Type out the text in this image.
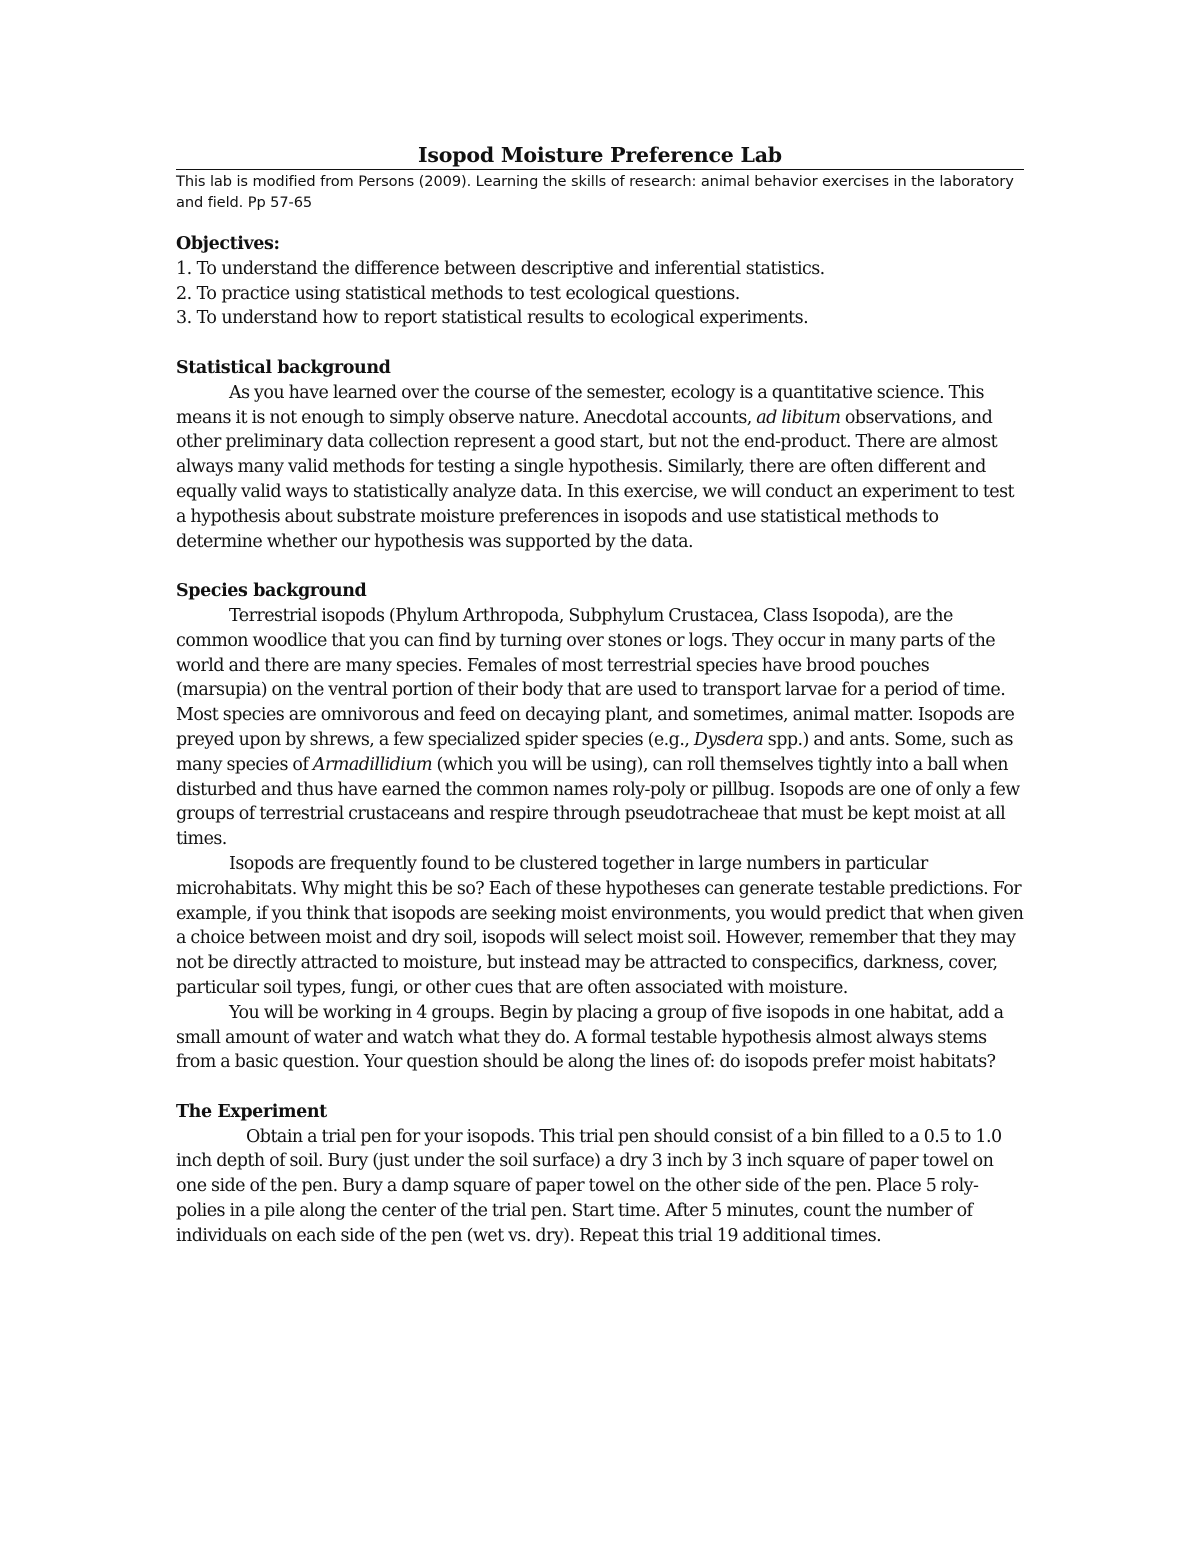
Isopod Moisture Preference Lab

This lab is modified from Persons (2009). Learning the skills of research: animal behavior exercises in the laboratory and field. Pp 57-65

Objectives:

1. To understand the difference between descriptive and inferential statistics.

2. To practice using statistical methods to test ecological questions.

3. To understand how to report statistical results to ecological experiments.

Statistical background

As you have learned over the course of the semester, ecology is a quantitative science. This means it is not enough to simply observe nature. Anecdotal accounts, ad libitum observations, and other preliminary data collection represent a good start, but not the end-product. There are almost always many valid methods for testing a single hypothesis. Similarly, there are often different and equally valid ways to statistically analyze data. In this exercise, we will conduct an experiment to test a hypothesis about substrate moisture preferences in isopods and use statistical methods to determine whether our hypothesis was supported by the data.

Species background

Terrestrial isopods (Phylum Arthropoda, Subphylum Crustacea, Class Isopoda), are the common woodlice that you can find by turning over stones or logs. They occur in many parts of the world and there are many species. Females of most terrestrial species have brood pouches (marsupia) on the ventral portion of their body that are used to transport larvae for a period of time. Most species are omnivorous and feed on decaying plant, and sometimes, animal matter. Isopods are preyed upon by shrews, a few specialized spider species (e.g., Dysdera spp.) and ants. Some, such as many species of Armadillidium (which you will be using), can roll themselves tightly into a ball when disturbed and thus have earned the common names roly-poly or pillbug. Isopods are one of only a few groups of terrestrial crustaceans and respire through pseudotracheae that must be kept moist at all times.

Isopods are frequently found to be clustered together in large numbers in particular microhabitats. Why might this be so? Each of these hypotheses can generate testable predictions. For example, if you think that isopods are seeking moist environments, you would predict that when given a choice between moist and dry soil, isopods will select moist soil. However, remember that they may not be directly attracted to moisture, but instead may be attracted to conspecifics, darkness, cover, particular soil types, fungi, or other cues that are often associated with moisture.

You will be working in 4 groups. Begin by placing a group of five isopods in one habitat, add a small amount of water and watch what they do. A formal testable hypothesis almost always stems from a basic question. Your question should be along the lines of: do isopods prefer moist habitats?

The Experiment

Obtain a trial pen for your isopods. This trial pen should consist of a bin filled to a 0.5 to 1.0 inch depth of soil. Bury (just under the soil surface) a dry 3 inch by 3 inch square of paper towel on one side of the pen. Bury a damp square of paper towel on the other side of the pen. Place 5 roly-polies in a pile along the center of the trial pen. Start time. After 5 minutes, count the number of individuals on each side of the pen (wet vs. dry). Repeat this trial 19 additional times.
